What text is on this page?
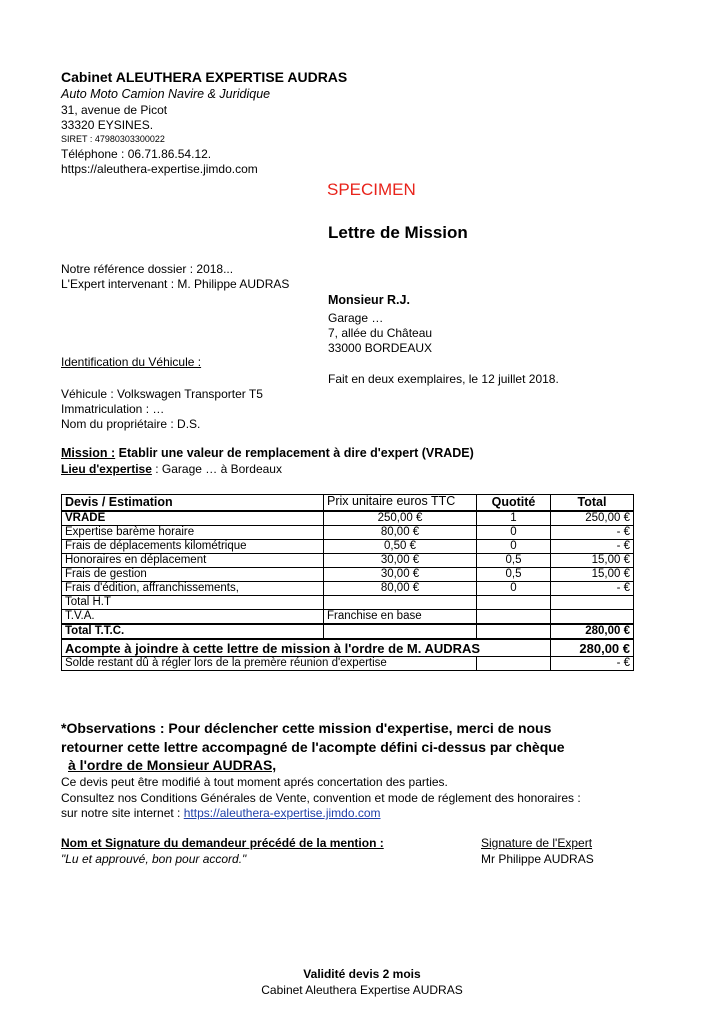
Cabinet ALEUTHERA EXPERTISE AUDRAS
Auto Moto Camion Navire & Juridique
31, avenue de Picot
33320 EYSINES.
SIRET : 47980303300022
Téléphone : 06.71.86.54.12.
https://aleuthera-expertise.jimdo.com
SPECIMEN
Lettre de Mission
Notre référence dossier : 2018...
L'Expert intervenant : M. Philippe AUDRAS
Monsieur R.J.
Garage …
7, allée du Château
33000 BORDEAUX
Identification du Véhicule :
Fait en deux exemplaires, le 12 juillet 2018.
Véhicule : Volkswagen Transporter T5
Immatriculation : …
Nom du propriétaire : D.S.
Mission : Etablir une valeur de remplacement à dire d'expert (VRADE)
Lieu d'expertise : Garage … à Bordeaux
Devis / Estimation	Prix unitaire euros TTC	Quotité	Total
VRADE	250,00 €	1	250,00 €
Expertise barème horaire	80,00 €	0	- €
Frais de déplacements kilométrique	0,50 €	0	- €
Honoraires en déplacement	30,00 €	0,5	15,00 €
Frais de gestion	30,00 €	0,5	15,00 €
Frais d'édition, affranchissements,	80,00 €	0	- €
Total H.T			
T.V.A.	Franchise en base		
Total T.T.C.			280,00 €
Acompte à joindre à cette lettre de mission à l'ordre de M. AUDRAS			280,00 €
Solde restant dû à régler lors de la premère réunion d'expertise			- €
*Observations : Pour déclencher cette mission d'expertise, merci de nous
retourner cette lettre accompagné de l'acompte défini ci-dessus par chèque
à l'ordre de Monsieur AUDRAS,
Ce devis peut être modifié à tout moment aprés concertation des parties.
Consultez nos Conditions Générales de Vente, convention et mode de réglement des honoraires :
sur notre site internet : https://aleuthera-expertise.jimdo.com
Nom et Signature du demandeur précédé de la mention :
"Lu et approuvé, bon pour accord."
Signature de l'Expert
Mr Philippe AUDRAS
Validité devis 2 mois
Cabinet Aleuthera Expertise AUDRAS
